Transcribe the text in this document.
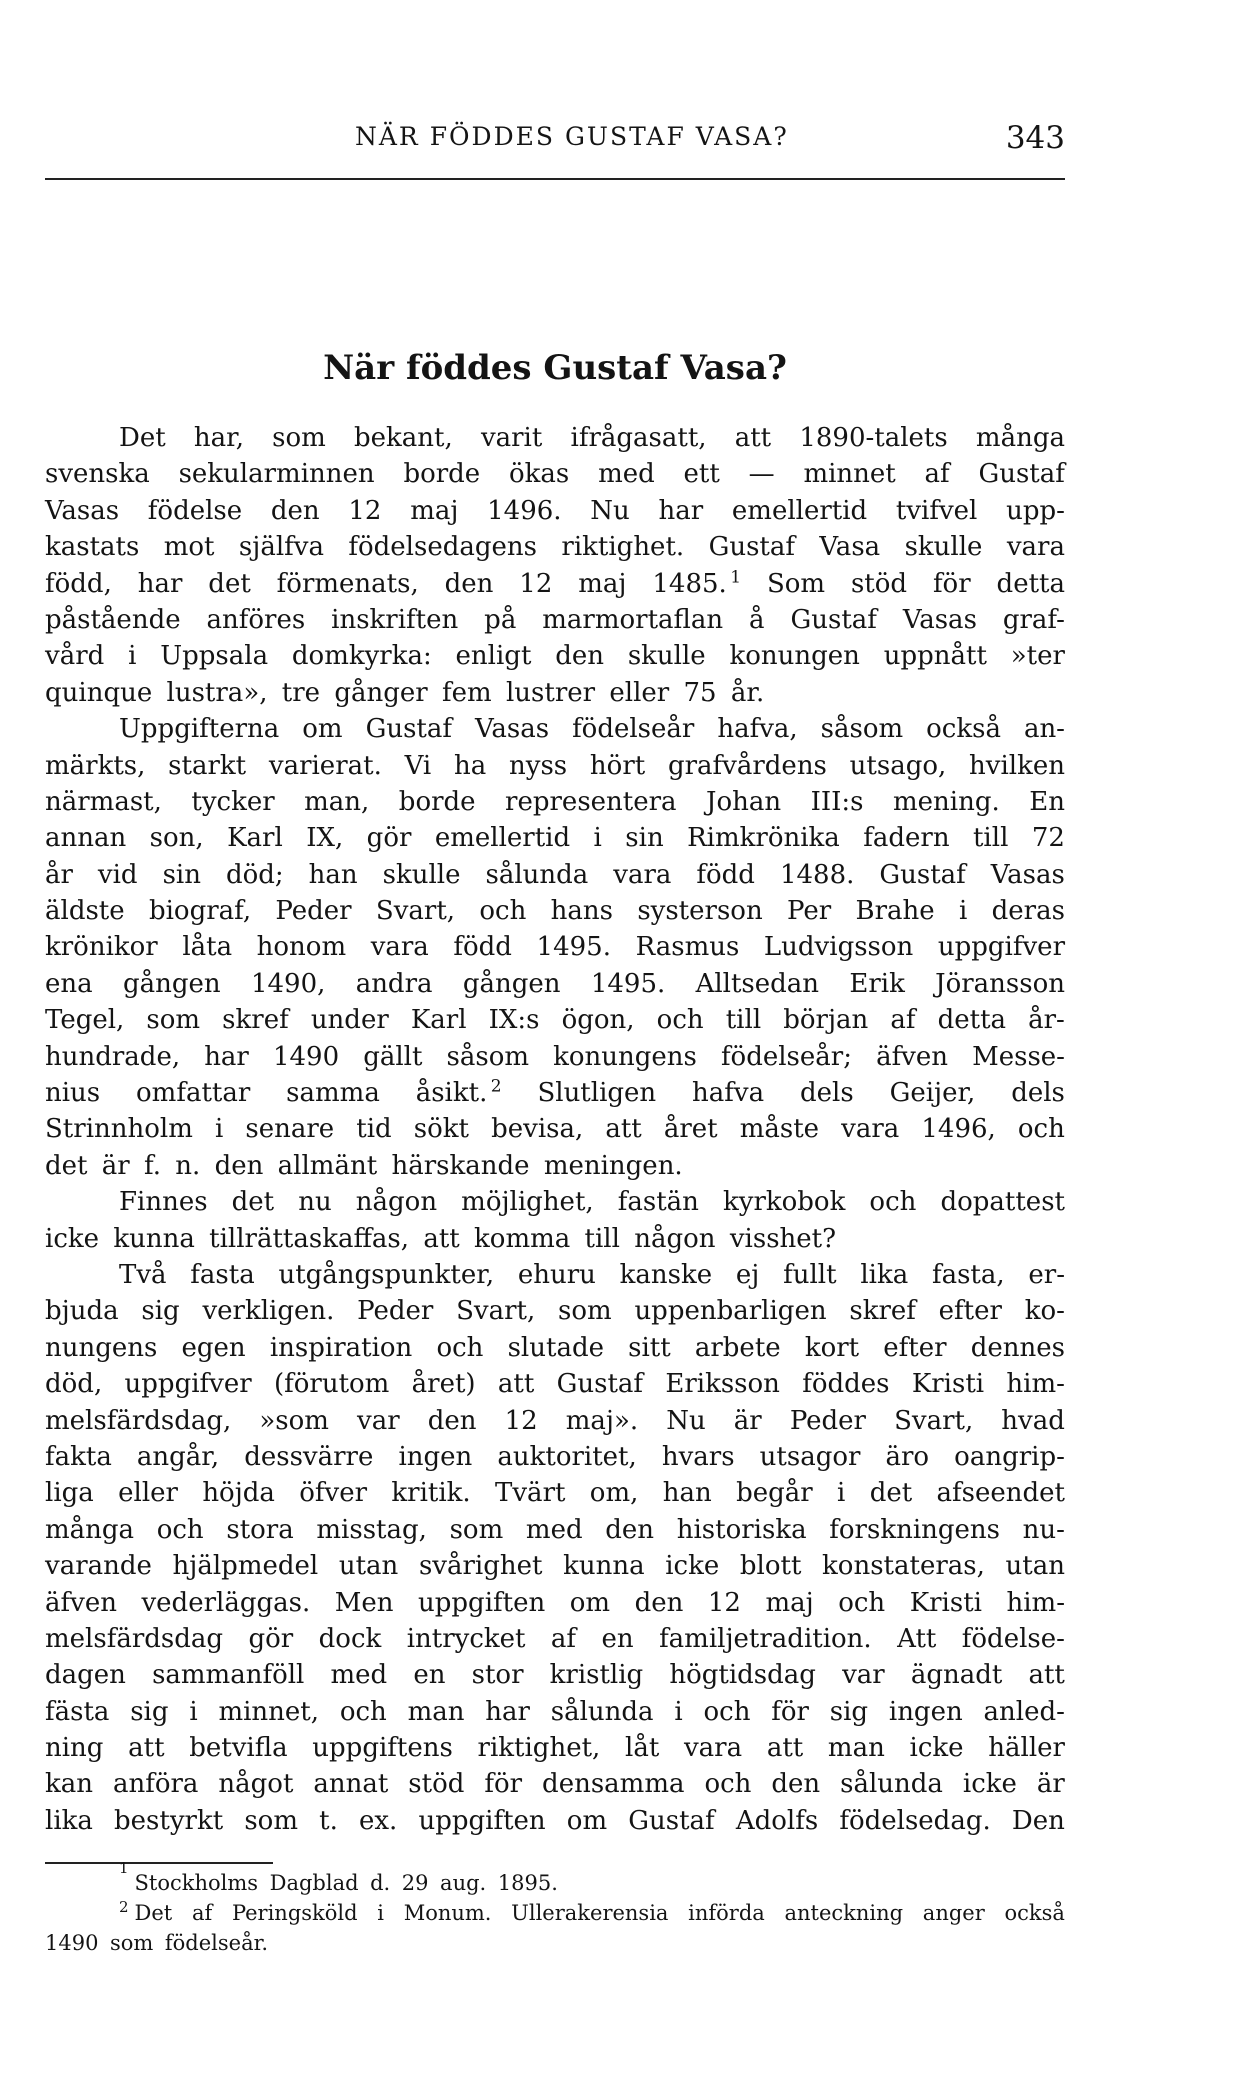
NÄR FÖDDES GUSTAF VASA?	343
När föddes Gustaf Vasa?
Det har, som bekant, varit ifrågasatt, att 1890-talets många
svenska sekularminnen borde ökas med ett — minnet af Gustaf
Vasas födelse den 12 maj 1496. Nu har emellertid tvifvel upp-
kastats mot själfva födelsedagens riktighet. Gustaf Vasa skulle vara
född, har det förmenats, den 12 maj 1485. $^1$ Som stöd för detta
påstående anföres inskriften på marmortaflan å Gustaf Vasas graf-
vård i Uppsala domkyrka: enligt den skulle konungen uppnått »ter
quinque lustra», tre gånger fem lustrer eller 75 år.
Uppgifterna om Gustaf Vasas födelseår hafva, såsom också an-
märkts, starkt varierat. Vi ha nyss hört grafvårdens utsago, hvilken
närmast, tycker man, borde representera Johan III:s mening. En
annan son, Karl IX, gör emellertid i sin Rimkrönika fadern till 72
år vid sin död; han skulle sålunda vara född 1488. Gustaf Vasas
äldste biograf, Peder Svart, och hans systerson Per Brahe i deras
krönikor låta honom vara född 1495. Rasmus Ludvigsson uppgifver
ena gången 1490, andra gången 1495. Alltsedan Erik Jöransson
Tegel, som skref under Karl IX:s ögon, och till början af detta år-
hundrade, har 1490 gällt såsom konungens födelseår; äfven Messe-
nius omfattar samma åsikt. $^2$ Slutligen hafva dels Geijer, dels
Strinnholm i senare tid sökt bevisa, att året måste vara 1496, och
det är f. n. den allmänt härskande meningen.
Finnes det nu någon möjlighet, fastän kyrkobok och dopattest
icke kunna tillrättaskaffas, att komma till någon visshet?
Två fasta utgångspunkter, ehuru kanske ej fullt lika fasta, er-
bjuda sig verkligen. Peder Svart, som uppenbarligen skref efter ko-
nungens egen inspiration och slutade sitt arbete kort efter dennes
död, uppgifver (förutom året) att Gustaf Eriksson föddes Kristi him-
melsfärdsdag, »som var den 12 maj». Nu är Peder Svart, hvad
fakta angår, dessvärre ingen auktoritet, hvars utsagor äro oangrip-
liga eller höjda öfver kritik. Tvärt om, han begår i det afseendet
många och stora misstag, som med den historiska forskningens nu-
varande hjälpmedel utan svårighet kunna icke blott konstateras, utan
äfven vederläggas. Men uppgiften om den 12 maj och Kristi him-
melsfärdsdag gör dock intrycket af en familjetradition. Att födelse-
dagen sammanföll med en stor kristlig högtidsdag var ägnadt att
fästa sig i minnet, och man har sålunda i och för sig ingen anled-
ning att betvifla uppgiftens riktighet, låt vara att man icke häller
kan anföra något annat stöd för densamma och den sålunda icke är
lika bestyrkt som t. ex. uppgiften om Gustaf Adolfs födelsedag. Den
1
Stockholms Dagblad d. 29 aug. 1895.
$^2$ Det af Peringsköld i Monum. Ullerakerensia införda anteckning anger också
1490 som födelseår.
